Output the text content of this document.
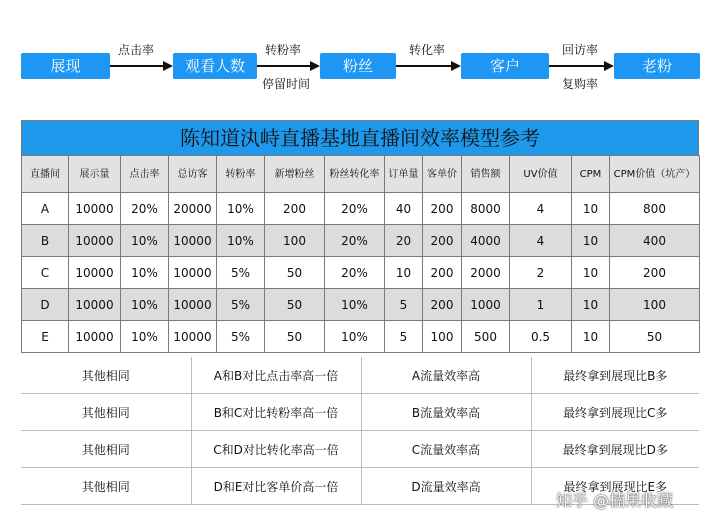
展现
点击率
观看人数
转粉率
停留时间
粉丝
转化率
客户
回访率
复购率
老粉
陈知道汍峙直播基地直播间效率模型参考
直播间	展示量	点击率	总访客	转粉率	新增粉丝	粉丝转化率	订单量	客单价	销售额	UV价值	CPM	CPM价值（坑产）
A	10000	20%	20000	10%	200	20%	40	200	8000	4	10	800
B	10000	10%	10000	10%	100	20%	20	200	4000	4	10	400
C	10000	10%	10000	5%	50	20%	10	200	2000	2	10	200
D	10000	10%	10000	5%	50	10%	5	200	1000	1	10	100
E	10000	10%	10000	5%	50	10%	5	100	500	0.5	10	50
其他相同	A和B对比点击率高一倍	A流量效率高	最终拿到展现比B多
其他相同	B和C对比转粉率高一倍	B流量效率高	最终拿到展现比C多
其他相同	C和D对比转化率高一倍	C流量效率高	最终拿到展现比D多
其他相同	D和E对比客单价高一倍	D流量效率高	最终拿到展现比E多
知乎 @楠果收藏
